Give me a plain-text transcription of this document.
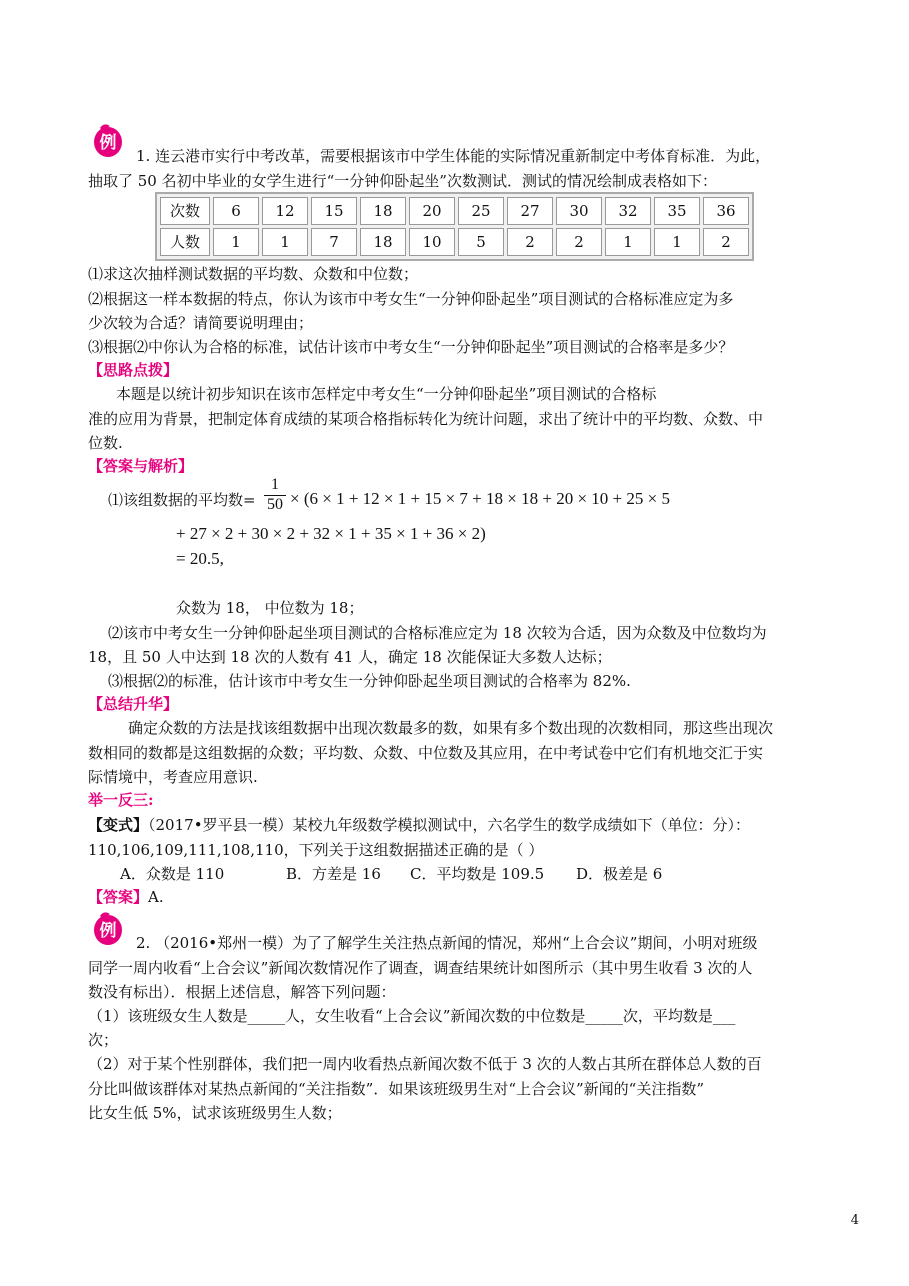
例
1. 连云港市实行中考改革，需要根据该市中学生体能的实际情况重新制定中考体育标准．为此，
抽取了 50 名初中毕业的女学生进行“一分钟仰卧起坐”次数测试．测试的情况绘制成表格如下：
次数	6	12	15	18	20	25	27	30	32	35	36
人数	1	1	7	18	10	5	2	2	1	1	2
⑴求这次抽样测试数据的平均数、众数和中位数；
⑵根据这一样本数据的特点，你认为该市中考女生“一分钟仰卧起坐”项目测试的合格标准应定为多
少次较为合适？请简要说明理由；
⑶根据⑵中你认为合格的标准，试估计该市中考女生“一分钟仰卧起坐”项目测试的合格率是多少？
【思路点拨】
本题是以统计初步知识在该市怎样定中考女生“一分钟仰卧起坐”项目测试的合格标
准的应用为背景，把制定体育成绩的某项合格指标转化为统计问题，求出了统计中的平均数、众数、中
位数.
【答案与解析】
⑴该组数据的平均数= $\frac{1}{50} \times (6 \times 1 + 12 \times 1 + 15 \times 7 + 18 \times 18 + 20 \times 10 + 25 \times 5$
+ 27 × 2 + 30 × 2 + 32 × 1 + 35 × 1 + 36 × 2)
= 20.5,
众数为 18， 中位数为 18；
⑵该市中考女生一分钟仰卧起坐项目测试的合格标准应定为 18 次较为合适，因为众数及中位数均为
18，且 50 人中达到 18 次的人数有 41 人，确定 18 次能保证大多数人达标；
⑶根据⑵的标准，估计该市中考女生一分钟仰卧起坐项目测试的合格率为 82%.
【总结升华】
确定众数的方法是找该组数据中出现次数最多的数，如果有多个数出现的次数相同，那这些出现次
数相同的数都是这组数据的众数；平均数、众数、中位数及其应用，在中考试卷中它们有机地交汇于实
际情境中，考查应用意识.
举一反三:
【变式】（2017•罗平县一模）某校九年级数学模拟测试中，六名学生的数学成绩如下（单位：分）：
110,106,109,111,108,110，下列关于这组数据描述正确的是（ ）
A．众数是 110	B．方差是 16 C．平均数是 109.5 D．极差是 6
【答案】A.
例
2. （2016•郑州一模）为了了解学生关注热点新闻的情况，郑州“上合会议”期间，小明对班级
同学一周内收看“上合会议”新闻次数情况作了调查，调查结果统计如图所示（其中男生收看 3 次的人
数没有标出）．根据上述信息，解答下列问题：
（1）该班级女生人数是_____人，女生收看“上合会议”新闻次数的中位数是_____次，平均数是___
次；
（2）对于某个性别群体，我们把一周内收看热点新闻次数不低于 3 次的人数占其所在群体总人数的百
分比叫做该群体对某热点新闻的“关注指数”．如果该班级男生对“上合会议”新闻的“关注指数”
比女生低 5%，试求该班级男生人数；
4
